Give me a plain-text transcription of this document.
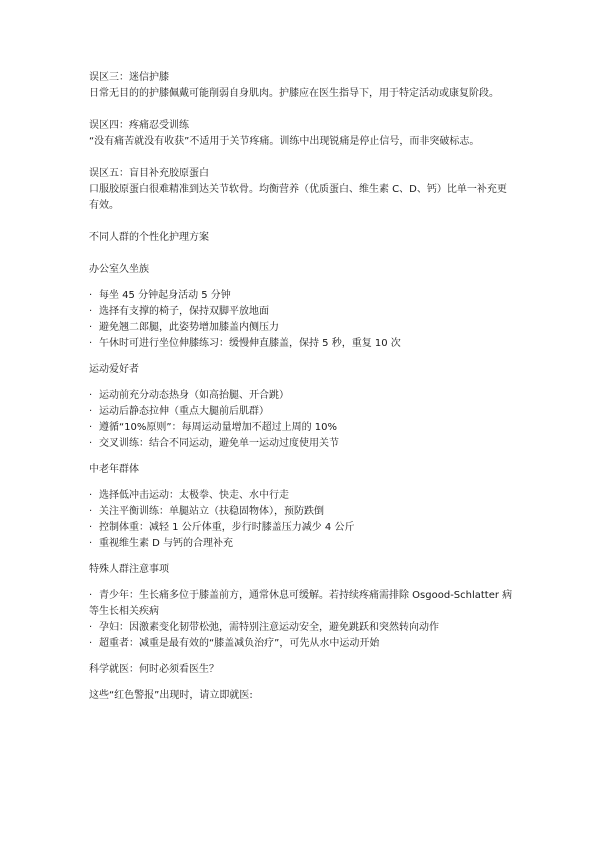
误区三：迷信护膝

日常无目的的护膝佩戴可能削弱自身肌肉。护膝应在医生指导下，用于特定活动或康复阶段。

误区四：疼痛忍受训练

“没有痛苦就没有收获”不适用于关节疼痛。训练中出现锐痛是停止信号，而非突破标志。

误区五：盲目补充胶原蛋白

口服胶原蛋白很难精准到达关节软骨。均衡营养（优质蛋白、维生素 C、D、钙）比单一补充更有效。

不同人群的个性化护理方案

办公室久坐族

· 每坐 45 分钟起身活动 5 分钟
· 选择有支撑的椅子，保持双脚平放地面
· 避免翘二郎腿，此姿势增加膝盖内侧压力
· 午休时可进行坐位伸膝练习：缓慢伸直膝盖，保持 5 秒，重复 10 次

运动爱好者

· 运动前充分动态热身（如高抬腿、开合跳）
· 运动后静态拉伸（重点大腿前后肌群）
· 遵循“10%原则”：每周运动量增加不超过上周的 10%
· 交叉训练：结合不同运动，避免单一运动过度使用关节

中老年群体

· 选择低冲击运动：太极拳、快走、水中行走
· 关注平衡训练：单腿站立（扶稳固物体），预防跌倒
· 控制体重：减轻 1 公斤体重，步行时膝盖压力减少 4 公斤
· 重视维生素 D 与钙的合理补充

特殊人群注意事项

· 青少年：生长痛多位于膝盖前方，通常休息可缓解。若持续疼痛需排除 Osgood-Schlatter 病等生长相关疾病
· 孕妇：因激素变化韧带松弛，需特别注意运动安全，避免跳跃和突然转向动作
· 超重者：减重是最有效的“膝盖减负治疗”，可先从水中运动开始

科学就医：何时必须看医生？

这些“红色警报”出现时，请立即就医:
